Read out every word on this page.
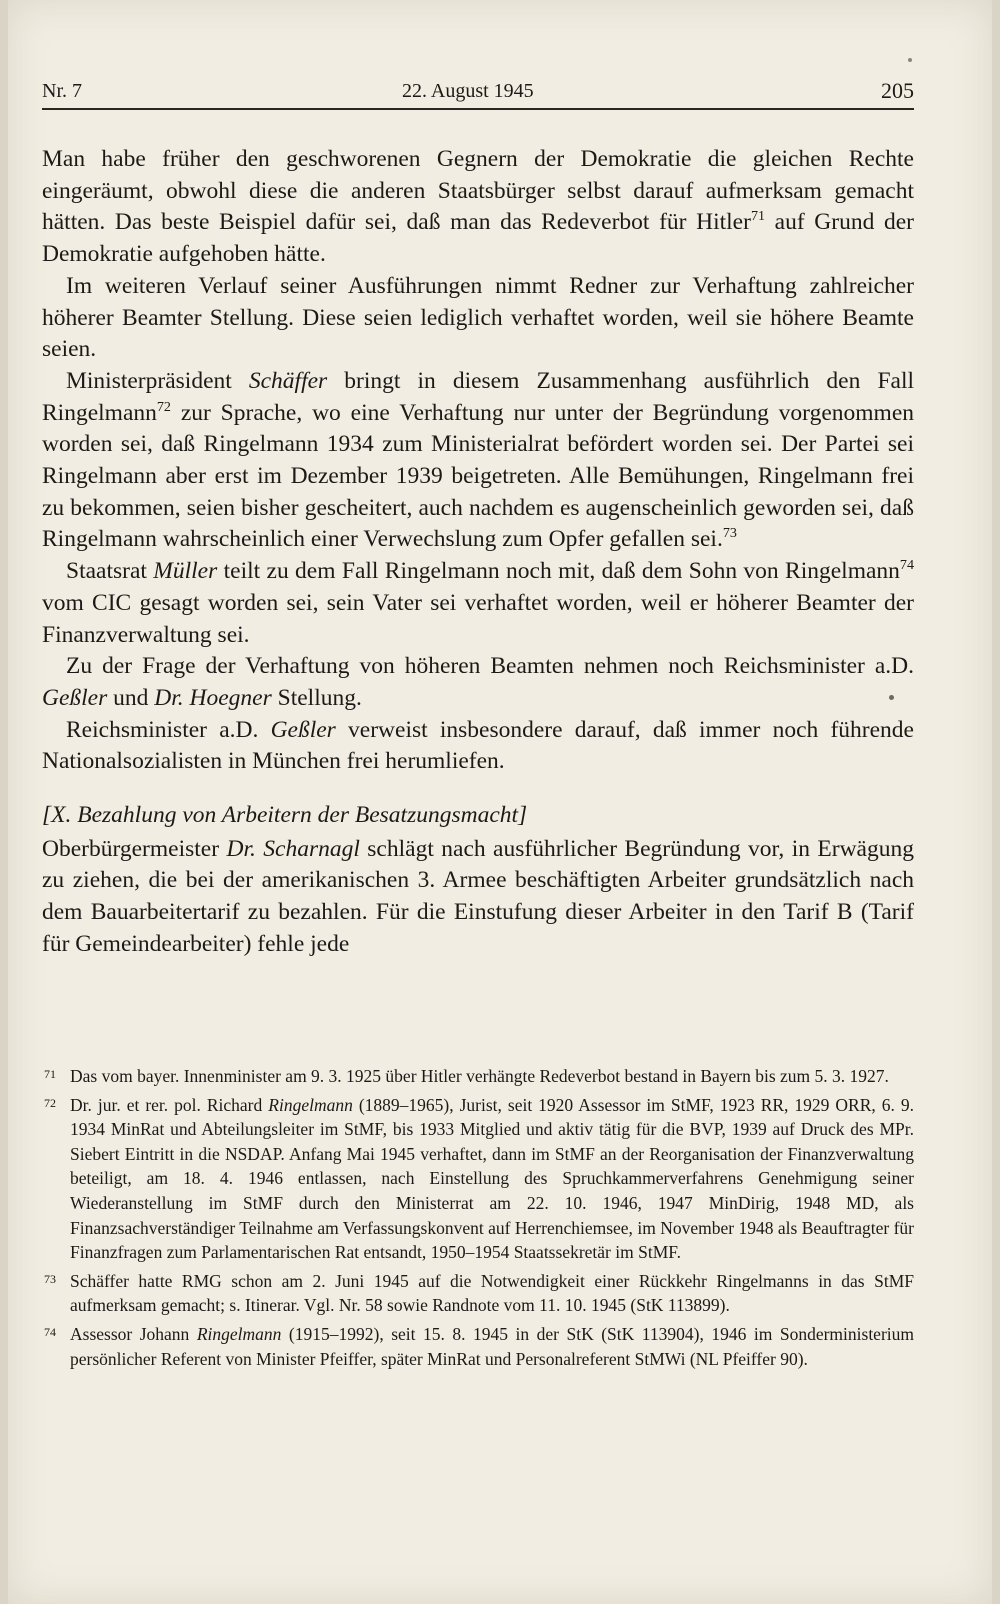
Nr. 7	22. August 1945	205

Man habe früher den geschworenen Gegnern der Demokratie die gleichen Rechte eingeräumt, obwohl diese die anderen Staatsbürger selbst darauf aufmerksam gemacht hätten. Das beste Beispiel dafür sei, daß man das Redeverbot für Hitler$^{71}$ auf Grund der Demokratie aufgehoben hätte.

Im weiteren Verlauf seiner Ausführungen nimmt Redner zur Verhaftung zahlreicher höherer Beamter Stellung. Diese seien lediglich verhaftet worden, weil sie höhere Beamte seien.

Ministerpräsident Schäffer bringt in diesem Zusammenhang ausführlich den Fall Ringelmann$^{72}$ zur Sprache, wo eine Verhaftung nur unter der Begründung vorgenommen worden sei, daß Ringelmann 1934 zum Ministerialrat befördert worden sei. Der Partei sei Ringelmann aber erst im Dezember 1939 beigetreten. Alle Bemühungen, Ringelmann frei zu bekommen, seien bisher gescheitert, auch nachdem es augenscheinlich geworden sei, daß Ringelmann wahrscheinlich einer Verwechslung zum Opfer gefallen sei.$^{73}$

Staatsrat Müller teilt zu dem Fall Ringelmann noch mit, daß dem Sohn von Ringelmann$^{74}$ vom CIC gesagt worden sei, sein Vater sei verhaftet worden, weil er höherer Beamter der Finanzverwaltung sei.

Zu der Frage der Verhaftung von höheren Beamten nehmen noch Reichsminister a.D. Geßler und Dr. Hoegner Stellung.

Reichsminister a.D. Geßler verweist insbesondere darauf, daß immer noch führende Nationalsozialisten in München frei herumliefen.

[X. Bezahlung von Arbeitern der Besatzungsmacht]

Oberbürgermeister Dr. Scharnagl schlägt nach ausführlicher Begründung vor, in Erwägung zu ziehen, die bei der amerikanischen 3. Armee beschäftigten Arbeiter grundsätzlich nach dem Bauarbeitertarif zu bezahlen. Für die Einstufung dieser Arbeiter in den Tarif B (Tarif für Gemeindearbeiter) fehle jede

71 Das vom bayer. Innenminister am 9. 3. 1925 über Hitler verhängte Redeverbot bestand in Bayern bis zum 5. 3. 1927.
72 Dr. jur. et rer. pol. Richard Ringelmann (1889–1965), Jurist, seit 1920 Assessor im StMF, 1923 RR, 1929 ORR, 6. 9. 1934 MinRat und Abteilungsleiter im StMF, bis 1933 Mitglied und aktiv tätig für die BVP, 1939 auf Druck des MPr. Siebert Eintritt in die NSDAP. Anfang Mai 1945 verhaftet, dann im StMF an der Reorganisation der Finanzverwaltung beteiligt, am 18. 4. 1946 entlassen, nach Einstellung des Spruchkammerverfahrens Genehmigung seiner Wiederanstellung im StMF durch den Ministerrat am 22. 10. 1946, 1947 MinDirig, 1948 MD, als Finanzsachverständiger Teilnahme am Verfassungskonvent auf Herrenchiemsee, im November 1948 als Beauftragter für Finanzfragen zum Parlamentarischen Rat entsandt, 1950–1954 Staatssekretär im StMF.
73 Schäffer hatte RMG schon am 2. Juni 1945 auf die Notwendigkeit einer Rückkehr Ringelmanns in das StMF aufmerksam gemacht; s. Itinerar. Vgl. Nr. 58 sowie Randnote vom 11. 10. 1945 (StK 113899).
74 Assessor Johann Ringelmann (1915–1992), seit 15. 8. 1945 in der StK (StK 113904), 1946 im Sonderministerium persönlicher Referent von Minister Pfeiffer, später MinRat und Personalreferent StMWi (NL Pfeiffer 90).
